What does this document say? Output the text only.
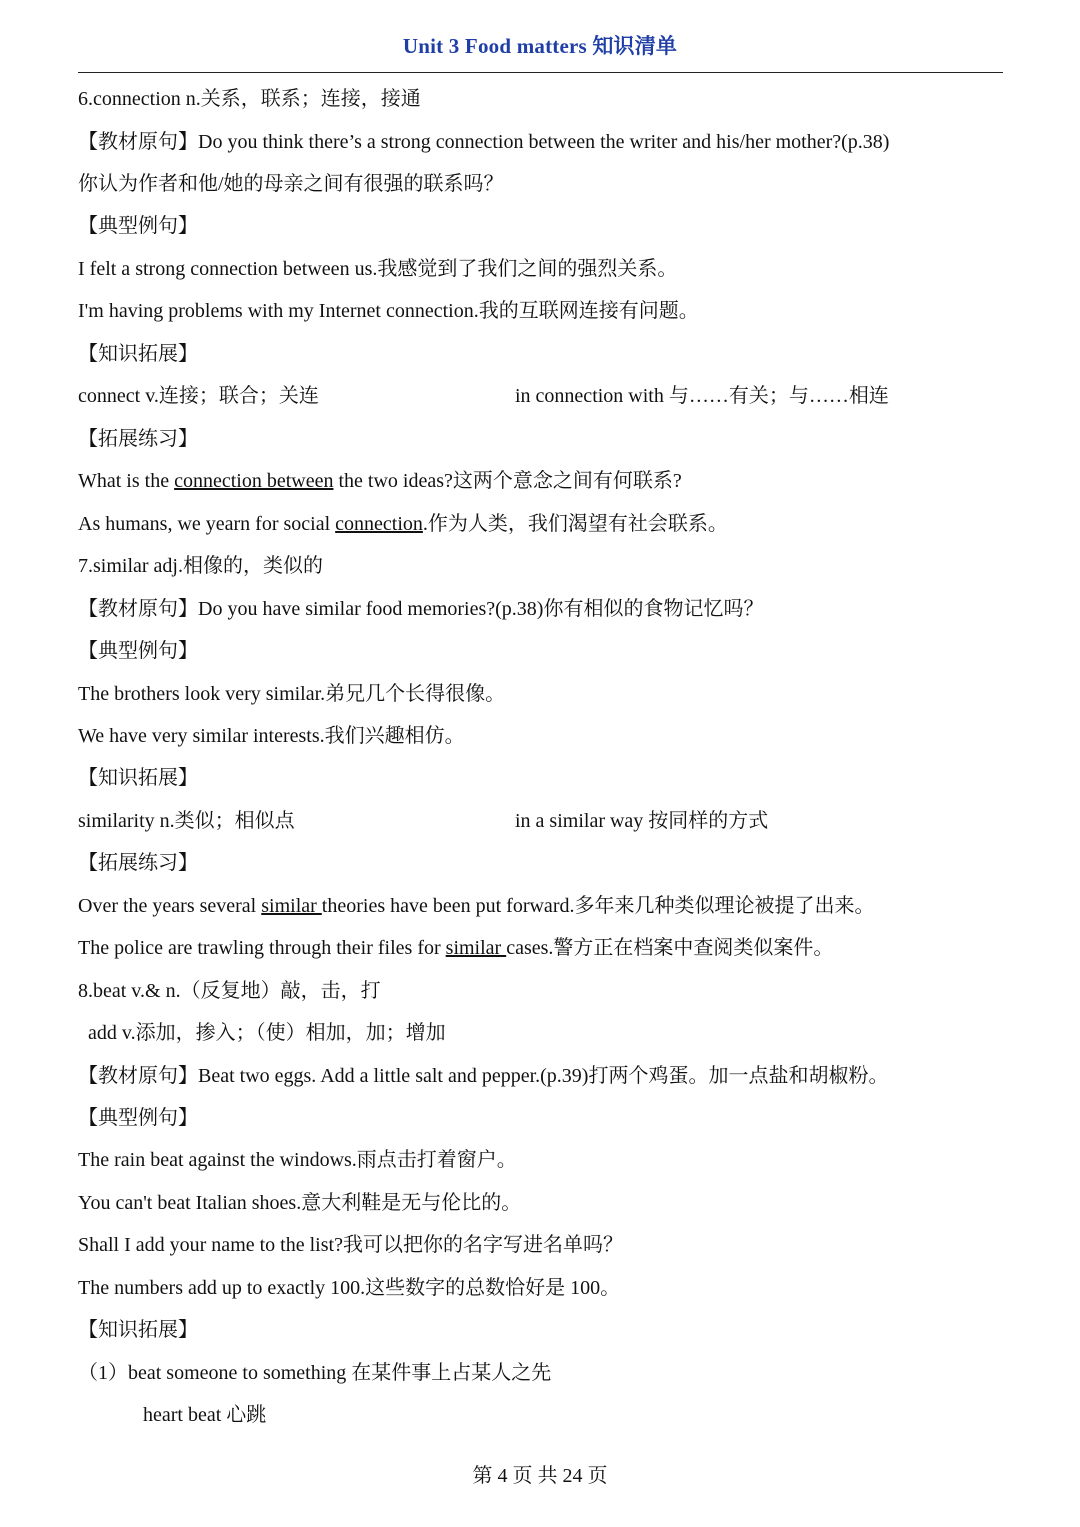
Unit 3 Food matters 知识清单
6.connection n.关系，联系；连接，接通
【教材原句】Do you think there’s a strong connection between the writer and his/her mother?(p.38)
你认为作者和他/她的母亲之间有很强的联系吗？
【典型例句】
I felt a strong connection between us.我感觉到了我们之间的强烈关系。
I'm having problems with my Internet connection.我的互联网连接有问题。
【知识拓展】
connect v.连接；联合；关连	in connection with 与……有关；与……相连
【拓展练习】
What is the connection between the two ideas?这两个意念之间有何联系?
As humans, we yearn for social connection.作为人类，我们渴望有社会联系。
7.similar adj.相像的，类似的
【教材原句】Do you have similar food memories?(p.38)你有相似的食物记忆吗？
【典型例句】
The brothers look very similar.弟兄几个长得很像。
We have very similar interests.我们兴趣相仿。
【知识拓展】
similarity n.类似；相似点	in a similar way 按同样的方式
【拓展练习】
Over the years several similar theories have been put forward.多年来几种类似理论被提了出来。
The police are trawling through their files for similar cases.警方正在档案中查阅类似案件。
8.beat v.& n.（反复地）敲，击，打
add v.添加，掺入；（使）相加，加；增加
【教材原句】Beat two eggs. Add a little salt and pepper.(p.39)打两个鸡蛋。加一点盐和胡椒粉。
【典型例句】
The rain beat against the windows.雨点击打着窗户。
You can't beat Italian shoes.意大利鞋是无与伦比的。
Shall I add your name to the list?我可以把你的名字写进名单吗？
The numbers add up to exactly 100.这些数字的总数恰好是 100。
【知识拓展】
（1）beat someone to something 在某件事上占某人之先
heart beat 心跳
第 4 页 共 24 页
